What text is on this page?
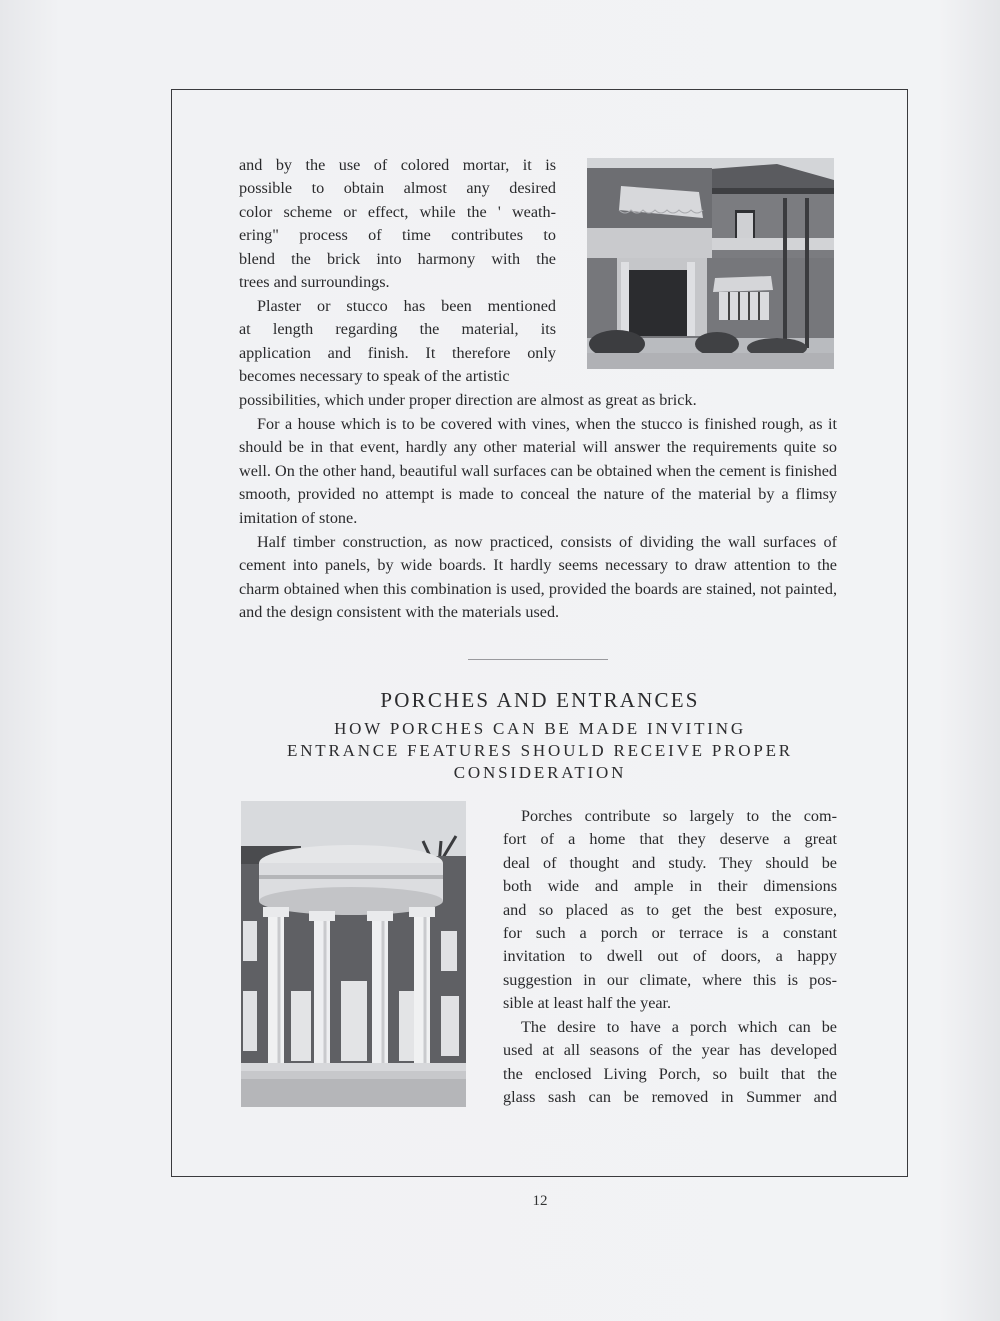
and by the use of colored mortar, it is
possible to obtain almost any desired
color scheme or effect, while the ' weath-
ering" process of time contributes to
blend the brick into harmony with the
trees and surroundings.
Plaster or stucco has been mentioned
at length regarding the material, its
application and finish. It therefore only
becomes necessary to speak of the artistic
possibilities, which under proper direction are almost as great as brick.

For a house which is to be covered with vines, when the stucco is finished rough, as it should be in that event, hardly any other material will answer the requirements quite so well. On the other hand, beautiful wall surfaces can be obtained when the cement is finished smooth, provided no attempt is made to conceal the nature of the material by a flimsy imitation of stone.

Half timber construction, as now practiced, consists of dividing the wall surfaces of cement into panels, by wide boards. It hardly seems necessary to draw attention to the charm obtained when this combination is used, provided the boards are stained, not painted, and the design consistent with the materials used.

PORCHES AND ENTRANCES
HOW PORCHES CAN BE MADE INVITING
ENTRANCE FEATURES SHOULD RECEIVE PROPER
CONSIDERATION
Porches contribute so largely to the com-
fort of a home that they deserve a great
deal of thought and study. They should be
both wide and ample in their dimensions
and so placed as to get the best exposure,
for such a porch or terrace is a constant
invitation to dwell out of doors, a happy
suggestion in our climate, where this is pos-
sible at least half the year.
The desire to have a porch which can be
used at all seasons of the year has developed
the enclosed Living Porch, so built that the
glass sash can be removed in Summer and
12
